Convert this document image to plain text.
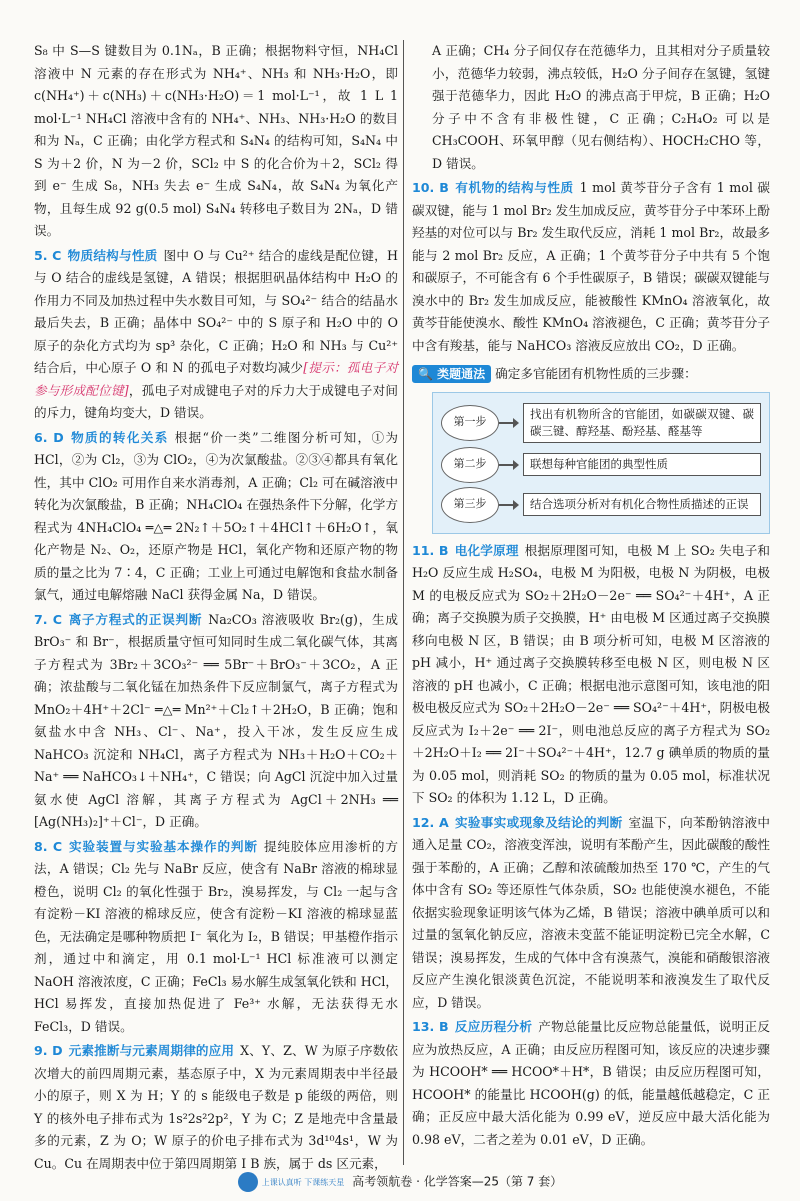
S₈ 中 S—S 键数目为 0.1Nₐ，B 正确；根据物料守恒，NH₄Cl 溶液中 N 元素的存在形式为 NH₄⁺、NH₃ 和 NH₃·H₂O，即 c(NH₄⁺)＋c(NH₃)＋c(NH₃·H₂O)＝1 mol·L⁻¹，故 1 L 1 mol·L⁻¹ NH₄Cl 溶液中含有的 NH₄⁺、NH₃、NH₃·H₂O 的数目和为 Nₐ，C 正确；由化学方程式和 S₄N₄ 的结构可知，S₄N₄ 中 S 为＋2 价，N 为－2 价，SCl₂ 中 S 的化合价为＋2，SCl₂ 得到 e⁻ 生成 S₈，NH₃ 失去 e⁻ 生成 S₄N₄，故 S₄N₄ 为氧化产物，且每生成 92 g(0.5 mol) S₄N₄ 转移电子数目为 2Nₐ，D 错误。

5. C 物质结构与性质 图中 O 与 Cu²⁺ 结合的虚线是配位键，H 与 O 结合的虚线是氢键，A 错误；根据胆矾晶体结构中 H₂O 的作用力不同及加热过程中失水数目可知，与 SO₄²⁻ 结合的结晶水最后失去，B 正确；晶体中 SO₄²⁻ 中的 S 原子和 H₂O 中的 O 原子的杂化方式均为 sp³ 杂化，C 正确；H₂O 和 NH₃ 与 Cu²⁺ 结合后，中心原子 O 和 N 的孤电子对数均减少[提示：孤电子对参与形成配位键]，孤电子对成键电子对的斥力大于成键电子对间的斥力，键角均变大，D 错误。

6. D 物质的转化关系 根据“价一类”二维图分析可知，①为 HCl，②为 Cl₂，③为 ClO₂，④为次氯酸盐。②③④都具有氧化性，其中 ClO₂ 可用作自来水消毒剂，A 正确；Cl₂ 可在碱溶液中转化为次氯酸盐，B 正确；NH₄ClO₄ 在强热条件下分解，化学方程式为 4NH₄ClO₄ ═△═ 2N₂↑＋5O₂↑＋4HCl↑＋6H₂O↑，氧化产物是 N₂、O₂，还原产物是 HCl，氧化产物和还原产物的物质的量之比为 7∶4，C 正确；工业上可通过电解饱和食盐水制备氯气，通过电解熔融 NaCl 获得金属 Na，D 错误。

7. C 离子方程式的正误判断 Na₂CO₃ 溶液吸收 Br₂(g)，生成 BrO₃⁻ 和 Br⁻，根据质量守恒可知同时生成二氧化碳气体，其离子方程式为 3Br₂＋3CO₃²⁻ ══ 5Br⁻＋BrO₃⁻＋3CO₂，A 正确；浓盐酸与二氧化锰在加热条件下反应制氯气，离子方程式为 MnO₂＋4H⁺＋2Cl⁻ ═△═ Mn²⁺＋Cl₂↑＋2H₂O，B 正确；饱和氨盐水中含 NH₃、Cl⁻、Na⁺，投入干冰，发生反应生成 NaHCO₃ 沉淀和 NH₄Cl，离子方程式为 NH₃＋H₂O＋CO₂＋Na⁺ ══ NaHCO₃↓＋NH₄⁺，C 错误；向 AgCl 沉淀中加入过量氨水使 AgCl 溶解，其离子方程式为 AgCl＋2NH₃ ══ [Ag(NH₃)₂]⁺＋Cl⁻，D 正确。

8. C 实验装置与实验基本操作的判断 提纯胶体应用渗析的方法，A 错误；Cl₂ 先与 NaBr 反应，使含有 NaBr 溶液的棉球显橙色，说明 Cl₂ 的氧化性强于 Br₂，溴易挥发，与 Cl₂ 一起与含有淀粉－KI 溶液的棉球反应，使含有淀粉－KI 溶液的棉球显蓝色，无法确定是哪种物质把 I⁻ 氧化为 I₂，B 错误；甲基橙作指示剂，通过中和滴定，用 0.1 mol·L⁻¹ HCl 标准液可以测定 NaOH 溶液浓度，C 正确；FeCl₃ 易水解生成氢氧化铁和 HCl，HCl 易挥发，直接加热促进了 Fe³⁺ 水解，无法获得无水 FeCl₃，D 错误。

9. D 元素推断与元素周期律的应用 X、Y、Z、W 为原子序数依次增大的前四周期元素，基态原子中，X 为元素周期表中半径最小的原子，则 X 为 H；Y 的 s 能级电子数是 p 能级的两倍，则 Y 的核外电子排布式为 1s²2s²2p²，Y 为 C；Z 是地壳中含量最多的元素，Z 为 O；W 原子的价电子排布式为 3d¹⁰4s¹，W 为 Cu。Cu 在周期表中位于第四周期第 I B 族，属于 ds 区元素，

A 正确；CH₄ 分子间仅存在范德华力，且其相对分子质量较小，范德华力较弱，沸点较低，H₂O 分子间存在氢键，氢键强于范德华力，因此 H₂O 的沸点高于甲烷，B 正确；H₂O 分子中不含有非极性键，C 正确；C₂H₄O₂ 可以是 CH₃COOH、环氧甲醇（见右侧结构）、HOCH₂CHO 等，D 错误。

10. B 有机物的结构与性质 1 mol 黄芩苷分子含有 1 mol 碳碳双键，能与 1 mol Br₂ 发生加成反应，黄芩苷分子中苯环上酚羟基的对位可以与 Br₂ 发生取代反应，消耗 1 mol Br₂，故最多能与 2 mol Br₂ 反应，A 正确；1 个黄芩苷分子中共有 5 个饱和碳原子，不可能含有 6 个手性碳原子，B 错误；碳碳双键能与溴水中的 Br₂ 发生加成反应，能被酸性 KMnO₄ 溶液氧化，故黄芩苷能使溴水、酸性 KMnO₄ 溶液褪色，C 正确；黄芩苷分子中含有羧基，能与 NaHCO₃ 溶液反应放出 CO₂，D 正确。

🔍 类题通法 确定多官能团有机物性质的三步骤：
第一步
找出有机物所含的官能团，如碳碳双键、碳碳三键、醇羟基、酚羟基、醛基等
第二步	联想每种官能团的典型性质
第三步	结合选项分析对有机化合物性质描述的正误

11. B 电化学原理 根据原理图可知，电极 M 上 SO₂ 失电子和 H₂O 反应生成 H₂SO₄，电极 M 为阳极，电极 N 为阴极，电极 M 的电极反应式为 SO₂＋2H₂O－2e⁻ ══ SO₄²⁻＋4H⁺，A 正确；离子交换膜为质子交换膜，H⁺ 由电极 M 区通过离子交换膜移向电极 N 区，B 错误；由 B 项分析可知，电极 M 区溶液的 pH 减小，H⁺ 通过离子交换膜转移至电极 N 区，则电极 N 区溶液的 pH 也减小，C 正确；根据电池示意图可知，该电池的阳极电极反应式为 SO₂＋2H₂O－2e⁻ ══ SO₄²⁻＋4H⁺，阴极电极反应式为 I₂＋2e⁻ ══ 2I⁻，则电池总反应的离子方程式为 SO₂＋2H₂O＋I₂ ══ 2I⁻＋SO₄²⁻＋4H⁺，12.7 g 碘单质的物质的量为 0.05 mol，则消耗 SO₂ 的物质的量为 0.05 mol，标准状况下 SO₂ 的体积为 1.12 L，D 正确。

12. A 实验事实或现象及结论的判断 室温下，向苯酚钠溶液中通入足量 CO₂，溶液变浑浊，说明有苯酚产生，因此碳酸的酸性强于苯酚的，A 正确；乙醇和浓硫酸加热至 170 ℃，产生的气体中含有 SO₂ 等还原性气体杂质，SO₂ 也能使溴水褪色，不能依据实验现象证明该气体为乙烯，B 错误；溶液中碘单质可以和过量的氢氧化钠反应，溶液未变蓝不能证明淀粉已完全水解，C 错误；溴易挥发，生成的气体中含有溴蒸气，溴能和硝酸银溶液反应产生溴化银淡黄色沉淀，不能说明苯和液溴发生了取代反应，D 错误。

13. B 反应历程分析 产物总能量比反应物总能量低，说明正反应为放热反应，A 正确；由反应历程图可知，该反应的决速步骤为 HCOOH* ══ HCOO*＋H*，B 错误；由反应历程图可知，HCOOH* 的能量比 HCOOH(g) 的低，能量越低越稳定，C 正确；正反应中最大活化能为 0.99 eV，逆反应中最大活化能为 0.98 eV，二者之差为 0.01 eV，D 正确。

上课认真听 下课练天星 高考领航卷 · 化学答案—25（第 7 套）
